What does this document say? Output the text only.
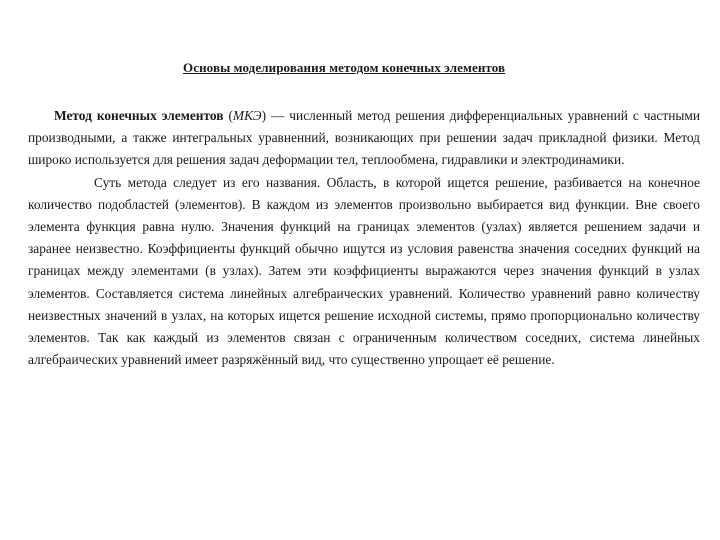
Основы моделирования методом конечных элементов

Метод конечных элементов (МКЭ) — численный метод решения дифференциальных уравнений с частными производными, а также интегральных уравненний, возникающих при решении задач прикладной физики. Метод широко используется для решения задач деформации тел, теплообмена, гидравлики и электродинамики.

Суть метода следует из его названия. Область, в которой ищется решение, разбивается на конечное количество подобластей (элементов). В каждом из элементов произвольно выбирается вид функции. Вне своего элемента функция равна нулю. Значения функций на границах элементов (узлах) является решением задачи и заранее неизвестно. Коэффициенты функций обычно ищутся из условия равенства значения соседних функций на границах между элементами (в узлах). Затем эти коэффициенты выражаются через значения функций в узлах элементов. Составляется система линейных алгебраических уравнений. Количество уравнений равно количеству неизвестных значений в узлах, на которых ищется решение исходной системы, прямо пропорционально количеству элементов. Так как каждый из элементов связан с ограниченным количеством соседних, система линейных алгебраических уравнений имеет разряжённый вид, что существенно упрощает её решение.
